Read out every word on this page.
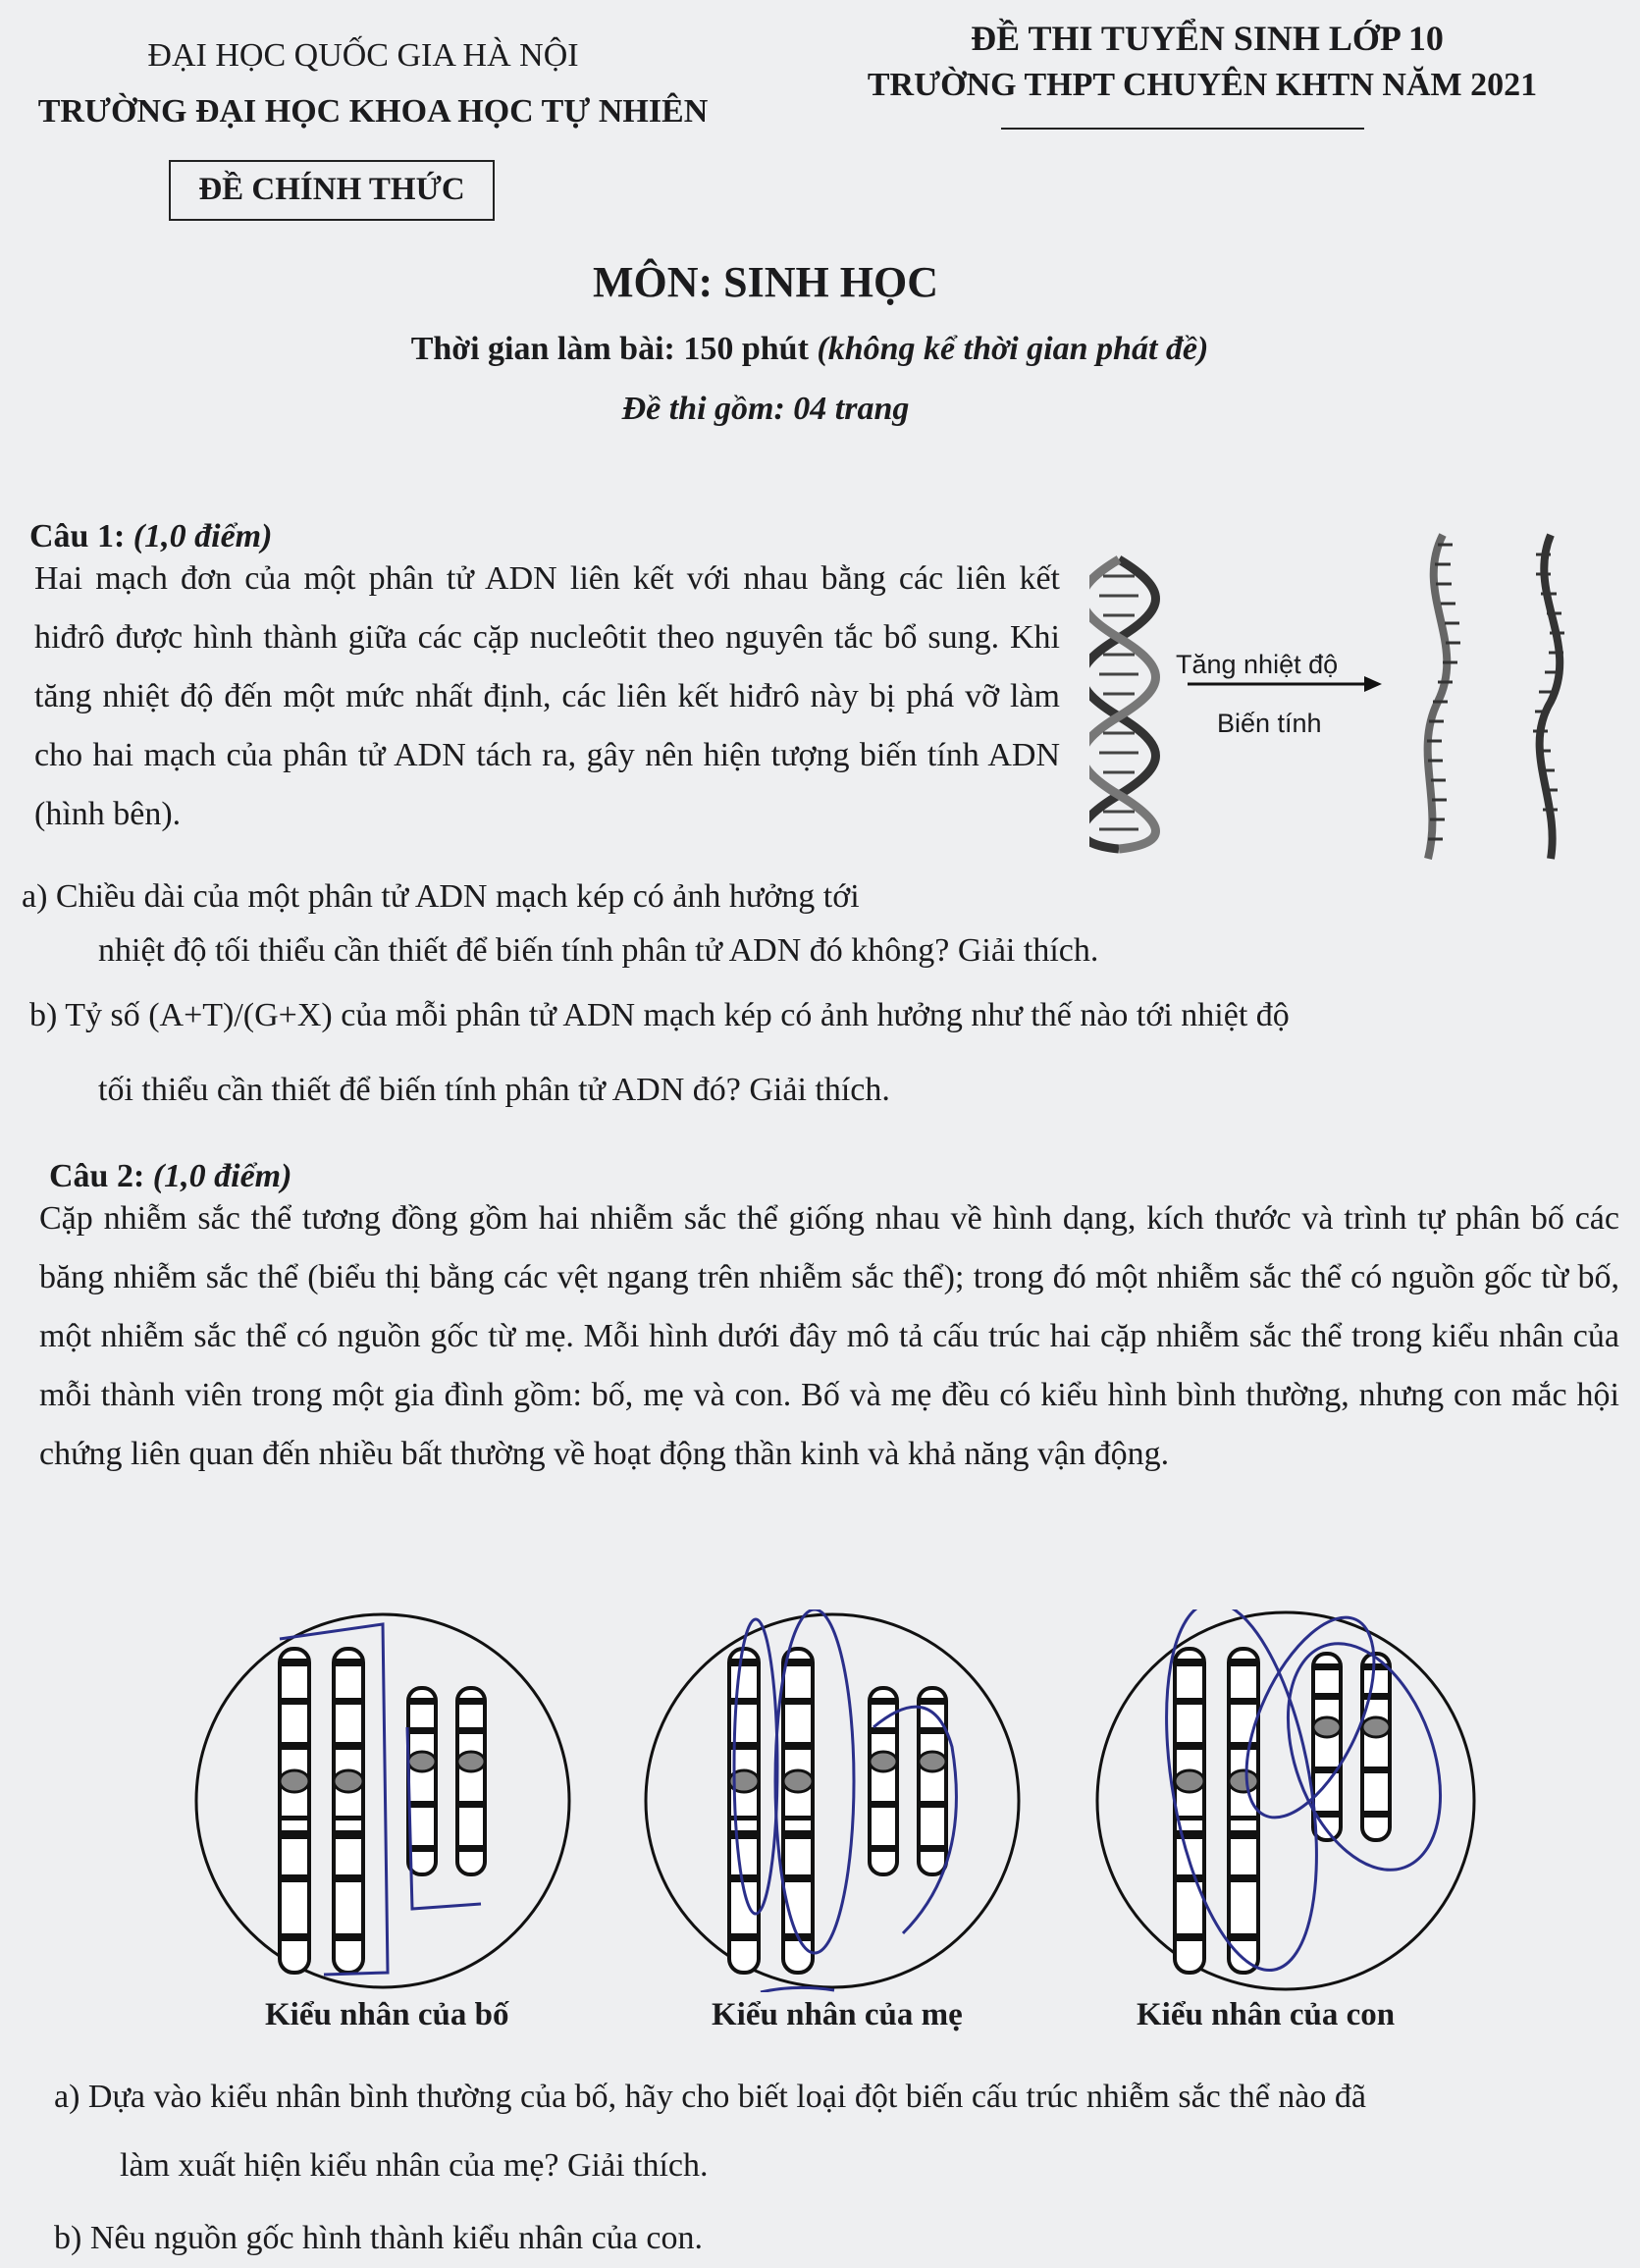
ĐẠI HỌC QUỐC GIA HÀ NỘI
TRƯỜNG ĐẠI HỌC KHOA HỌC TỰ NHIÊN
ĐỀ CHÍNH THỨC
ĐỀ THI TUYỂN SINH LỚP 10
TRƯỜNG THPT CHUYÊN KHTN NĂM 2021
MÔN: SINH HỌC
Thời gian làm bài: 150 phút (không kể thời gian phát đề)
Đề thi gồm: 04 trang
Câu 1: (1,0 điểm)
Hai mạch đơn của một phân tử ADN liên kết với nhau bằng các liên kết hiđrô được hình thành giữa các cặp nucleôtit theo nguyên tắc bổ sung. Khi tăng nhiệt độ đến một mức nhất định, các liên kết hiđrô này bị phá vỡ làm cho hai mạch của phân tử ADN tách ra, gây nên hiện tượng biến tính ADN (hình bên).
Tăng nhiệt độ
Biến tính
a) Chiều dài của một phân tử ADN mạch kép có ảnh hưởng tới
nhiệt độ tối thiểu cần thiết để biến tính phân tử ADN đó không? Giải thích.
b) Tỷ số (A+T)/(G+X) của mỗi phân tử ADN mạch kép có ảnh hưởng như thế nào tới nhiệt độ
tối thiểu cần thiết để biến tính phân tử ADN đó? Giải thích.
Câu 2: (1,0 điểm)
Cặp nhiễm sắc thể tương đồng gồm hai nhiễm sắc thể giống nhau về hình dạng, kích thước và trình tự phân bố các băng nhiễm sắc thể (biểu thị bằng các vệt ngang trên nhiễm sắc thể); trong đó một nhiễm sắc thể có nguồn gốc từ bố, một nhiễm sắc thể có nguồn gốc từ mẹ. Mỗi hình dưới đây mô tả cấu trúc hai cặp nhiễm sắc thể trong kiểu nhân của mỗi thành viên trong một gia đình gồm: bố, mẹ và con. Bố và mẹ đều có kiểu hình bình thường, nhưng con mắc hội chứng liên quan đến nhiều bất thường về hoạt động thần kinh và khả năng vận động.
Kiểu nhân của bố	Kiểu nhân của mẹ	Kiểu nhân của con
a) Dựa vào kiểu nhân bình thường của bố, hãy cho biết loại đột biến cấu trúc nhiễm sắc thể nào đã
làm xuất hiện kiểu nhân của mẹ? Giải thích.
b) Nêu nguồn gốc hình thành kiểu nhân của con.
